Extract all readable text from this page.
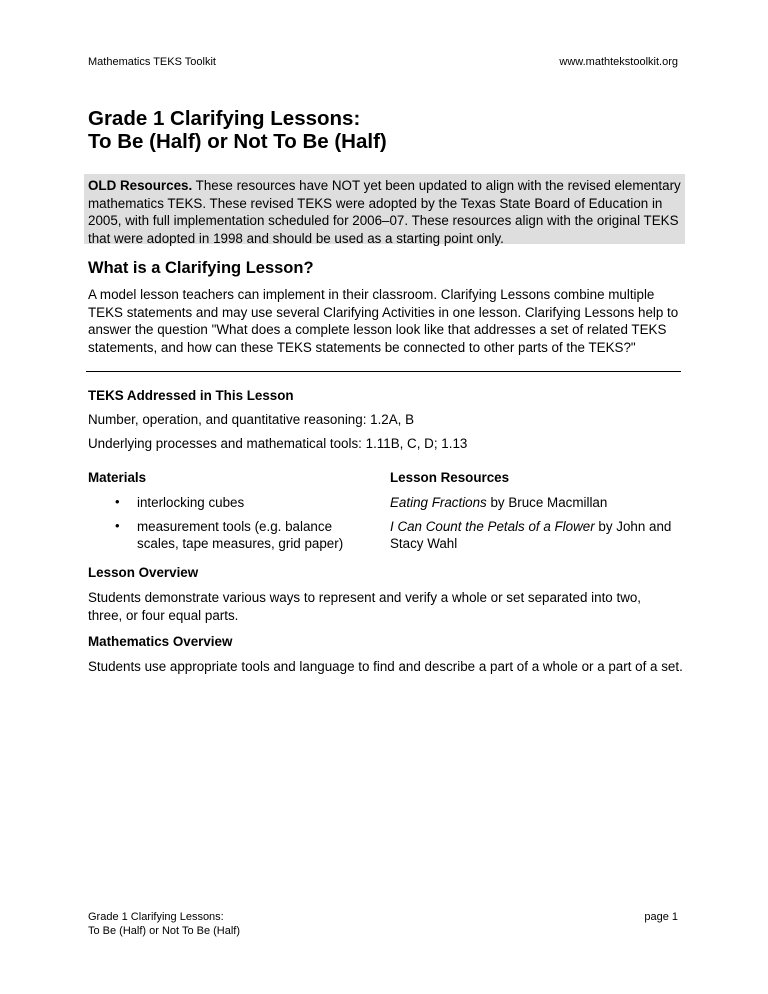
Mathematics TEKS Toolkit	www.mathtekstoolkit.org
Grade 1 Clarifying Lessons:
To Be (Half) or Not To Be (Half)
OLD Resources. These resources have NOT yet been updated to align with the revised elementary mathematics TEKS. These revised TEKS were adopted by the Texas State Board of Education in 2005, with full implementation scheduled for 2006–07. These resources align with the original TEKS that were adopted in 1998 and should be used as a starting point only.
What is a Clarifying Lesson?
A model lesson teachers can implement in their classroom. Clarifying Lessons combine multiple TEKS statements and may use several Clarifying Activities in one lesson. Clarifying Lessons help to answer the question "What does a complete lesson look like that addresses a set of related TEKS statements, and how can these TEKS statements be connected to other parts of the TEKS?"
TEKS Addressed in This Lesson
Number, operation, and quantitative reasoning: 1.2A, B
Underlying processes and mathematical tools: 1.11B, C, D; 1.13
Materials
• interlocking cubes
• measurement tools (e.g. balance scales, tape measures, grid paper)
Lesson Resources
Eating Fractions by Bruce Macmillan
I Can Count the Petals of a Flower by John and Stacy Wahl
Lesson Overview
Students demonstrate various ways to represent and verify a whole or set separated into two, three, or four equal parts.
Mathematics Overview
Students use appropriate tools and language to find and describe a part of a whole or a part of a set.
Grade 1 Clarifying Lessons:
To Be (Half) or Not To Be (Half)
page 1
